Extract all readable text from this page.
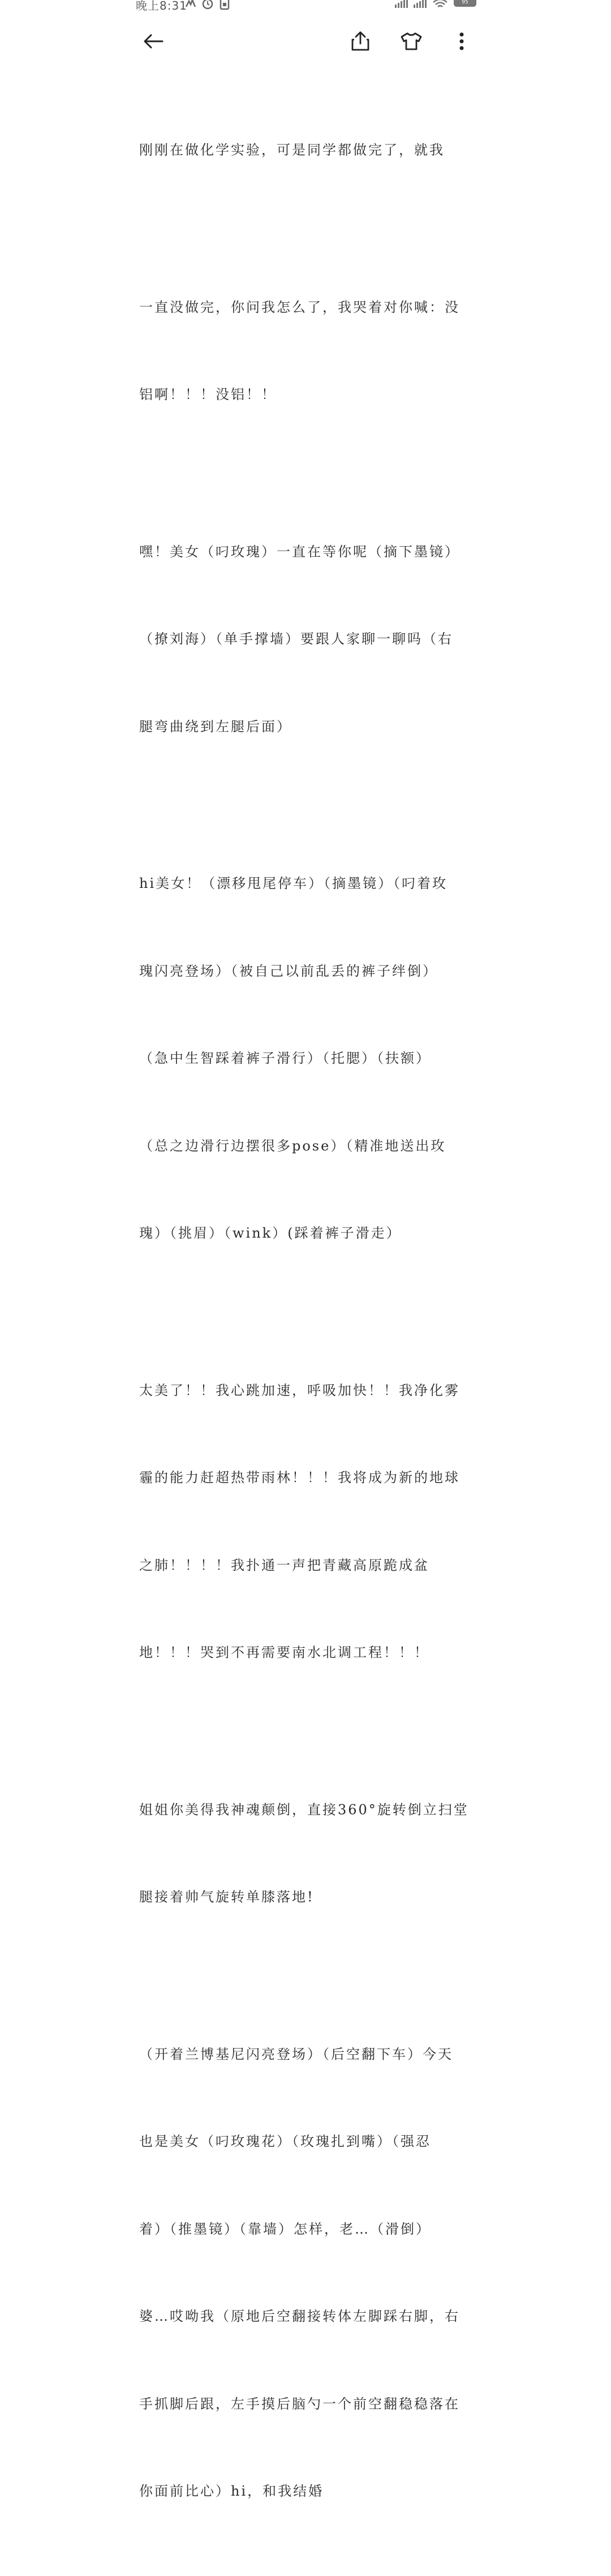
晚上8:31	95

刚刚在做化学实验，可是同学都做完了，就我

一直没做完，你问我怎么了，我哭着对你喊：没

铝啊！！！没铝！！

嘿！美女（叼玫瑰）一直在等你呢（摘下墨镜）

（撩刘海）（单手撑墙）要跟人家聊一聊吗（右

腿弯曲绕到左腿后面）

hi美女！（漂移甩尾停车）（摘墨镜）（叼着玫

瑰闪亮登场）（被自己以前乱丢的裤子绊倒）

（急中生智踩着裤子滑行）（托腮）（扶额）

（总之边滑行边摆很多pose）（精准地送出玫

瑰）（挑眉）（wink）(踩着裤子滑走）

太美了！！我心跳加速，呼吸加快！！我净化雾

霾的能力赶超热带雨林！！！我将成为新的地球

之肺！！！！我扑通一声把青藏高原跪成盆

地！！！哭到不再需要南水北调工程！！！

姐姐你美得我神魂颠倒，直接360°旋转倒立扫堂

腿接着帅气旋转单膝落地!

（开着兰博基尼闪亮登场）（后空翻下车）今天

也是美女（叼玫瑰花）（玫瑰扎到嘴）（强忍

着）（推墨镜）（靠墙）怎样，老…（滑倒）

婆…哎呦我（原地后空翻接转体左脚踩右脚，右

手抓脚后跟，左手摸后脑勺一个前空翻稳稳落在

你面前比心）hi，和我结婚
